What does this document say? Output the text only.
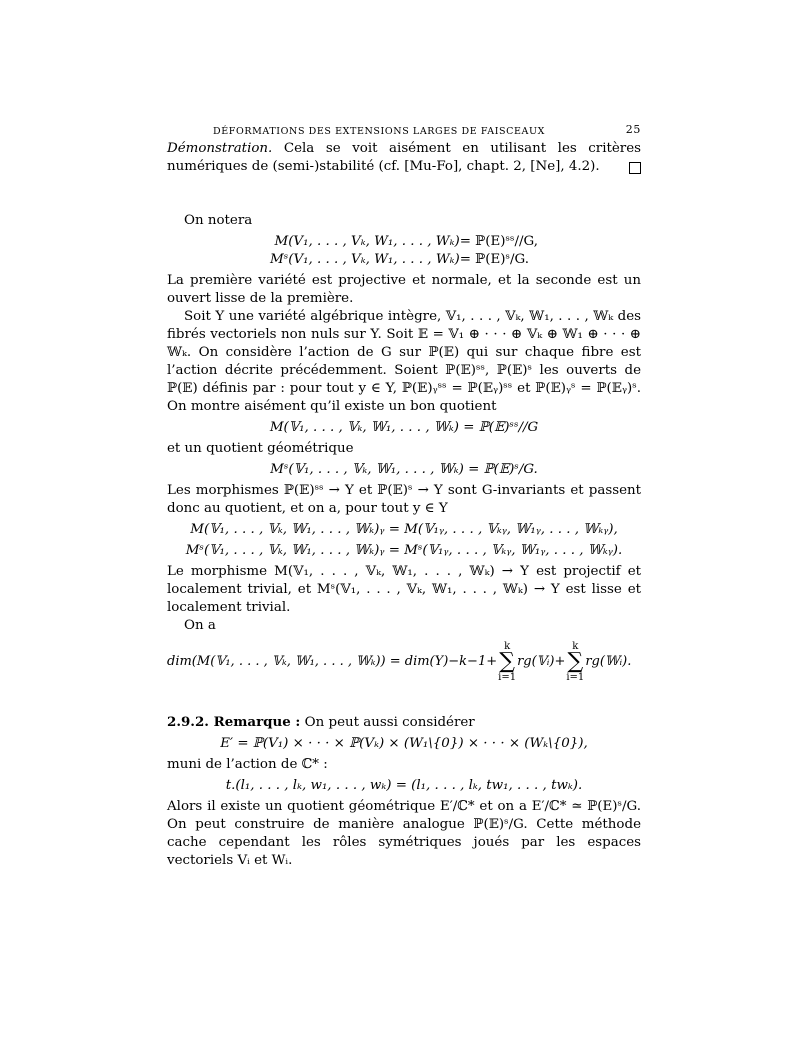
DÉFORMATIONS DES EXTENSIONS LARGES DE FAISCEAUX	25

Démonstration. Cela se voit aisément en utilisant les critères numériques de (semi-)stabilité (cf. [Mu-Fo], chapt. 2, [Ne], 4.2).

On notera

M(V₁, . . . , Vₖ, W₁, . . . , Wₖ) = ℙ(E)ˢˢ//G,
Mˢ(V₁, . . . , Vₖ, W₁, . . . , Wₖ) = ℙ(E)ˢ/G.

La première variété est projective et normale, et la seconde est un ouvert lisse de la première.

Soit Y une variété algébrique intègre, 𝕍₁, . . . , 𝕍ₖ, 𝕎₁, . . . , 𝕎ₖ des fibrés vectoriels non nuls sur Y. Soit 𝔼 = 𝕍₁ ⊕ · · · ⊕ 𝕍ₖ ⊕ 𝕎₁ ⊕ · · · ⊕ 𝕎ₖ. On considère l’action de G sur ℙ(𝔼) qui sur chaque fibre est l’action décrite précédemment. Soient ℙ(𝔼)ˢˢ, ℙ(𝔼)ˢ les ouverts de ℙ(𝔼) définis par : pour tout y ∈ Y, ℙ(𝔼)ᵧˢˢ = ℙ(𝔼ᵧ)ˢˢ et ℙ(𝔼)ᵧˢ = ℙ(𝔼ᵧ)ˢ. On montre aisément qu’il existe un bon quotient

M(𝕍₁, . . . , 𝕍ₖ, 𝕎₁, . . . , 𝕎ₖ) = ℙ(𝔼)ˢˢ//G

et un quotient géométrique

Mˢ(𝕍₁, . . . , 𝕍ₖ, 𝕎₁, . . . , 𝕎ₖ) = ℙ(𝔼)ˢ/G.

Les morphismes ℙ(𝔼)ˢˢ → Y et ℙ(𝔼)ˢ → Y sont G-invariants et passent donc au quotient, et on a, pour tout y ∈ Y

M(𝕍₁, . . . , 𝕍ₖ, 𝕎₁, . . . , 𝕎ₖ)ᵧ = M(𝕍₁ᵧ, . . . , 𝕍ₖᵧ, 𝕎₁ᵧ, . . . , 𝕎ₖᵧ),
Mˢ(𝕍₁, . . . , 𝕍ₖ, 𝕎₁, . . . , 𝕎ₖ)ᵧ = Mˢ(𝕍₁ᵧ, . . . , 𝕍ₖᵧ, 𝕎₁ᵧ, . . . , 𝕎ₖᵧ).

Le morphisme M(𝕍₁, . . . , 𝕍ₖ, 𝕎₁, . . . , 𝕎ₖ) → Y est projectif et localement trivial, et Mˢ(𝕍₁, . . . , 𝕍ₖ, 𝕎₁, . . . , 𝕎ₖ) → Y est lisse et localement trivial.

On a

dim(M(𝕍₁, . . . , 𝕍ₖ, 𝕎₁, . . . , 𝕎ₖ)) = dim(Y)−k−1+
k
∑
i=1
rg(𝕍ᵢ)+
k
∑
i=1
rg(𝕎ᵢ).

2.9.2. Remarque : On peut aussi considérer

E′ = ℙ(V₁) × · · · × ℙ(Vₖ) × (W₁\{0}) × · · · × (Wₖ\{0}),

muni de l’action de ℂ* :

t.(l₁, . . . , lₖ, w₁, . . . , wₖ) = (l₁, . . . , lₖ, tw₁, . . . , twₖ).

Alors il existe un quotient géométrique E′/ℂ* et on a E′/ℂ* ≃ ℙ(E)ˢ/G. On peut construire de manière analogue ℙ(𝔼)ˢ/G. Cette méthode cache cependant les rôles symétriques joués par les espaces vectoriels Vᵢ et Wᵢ.
